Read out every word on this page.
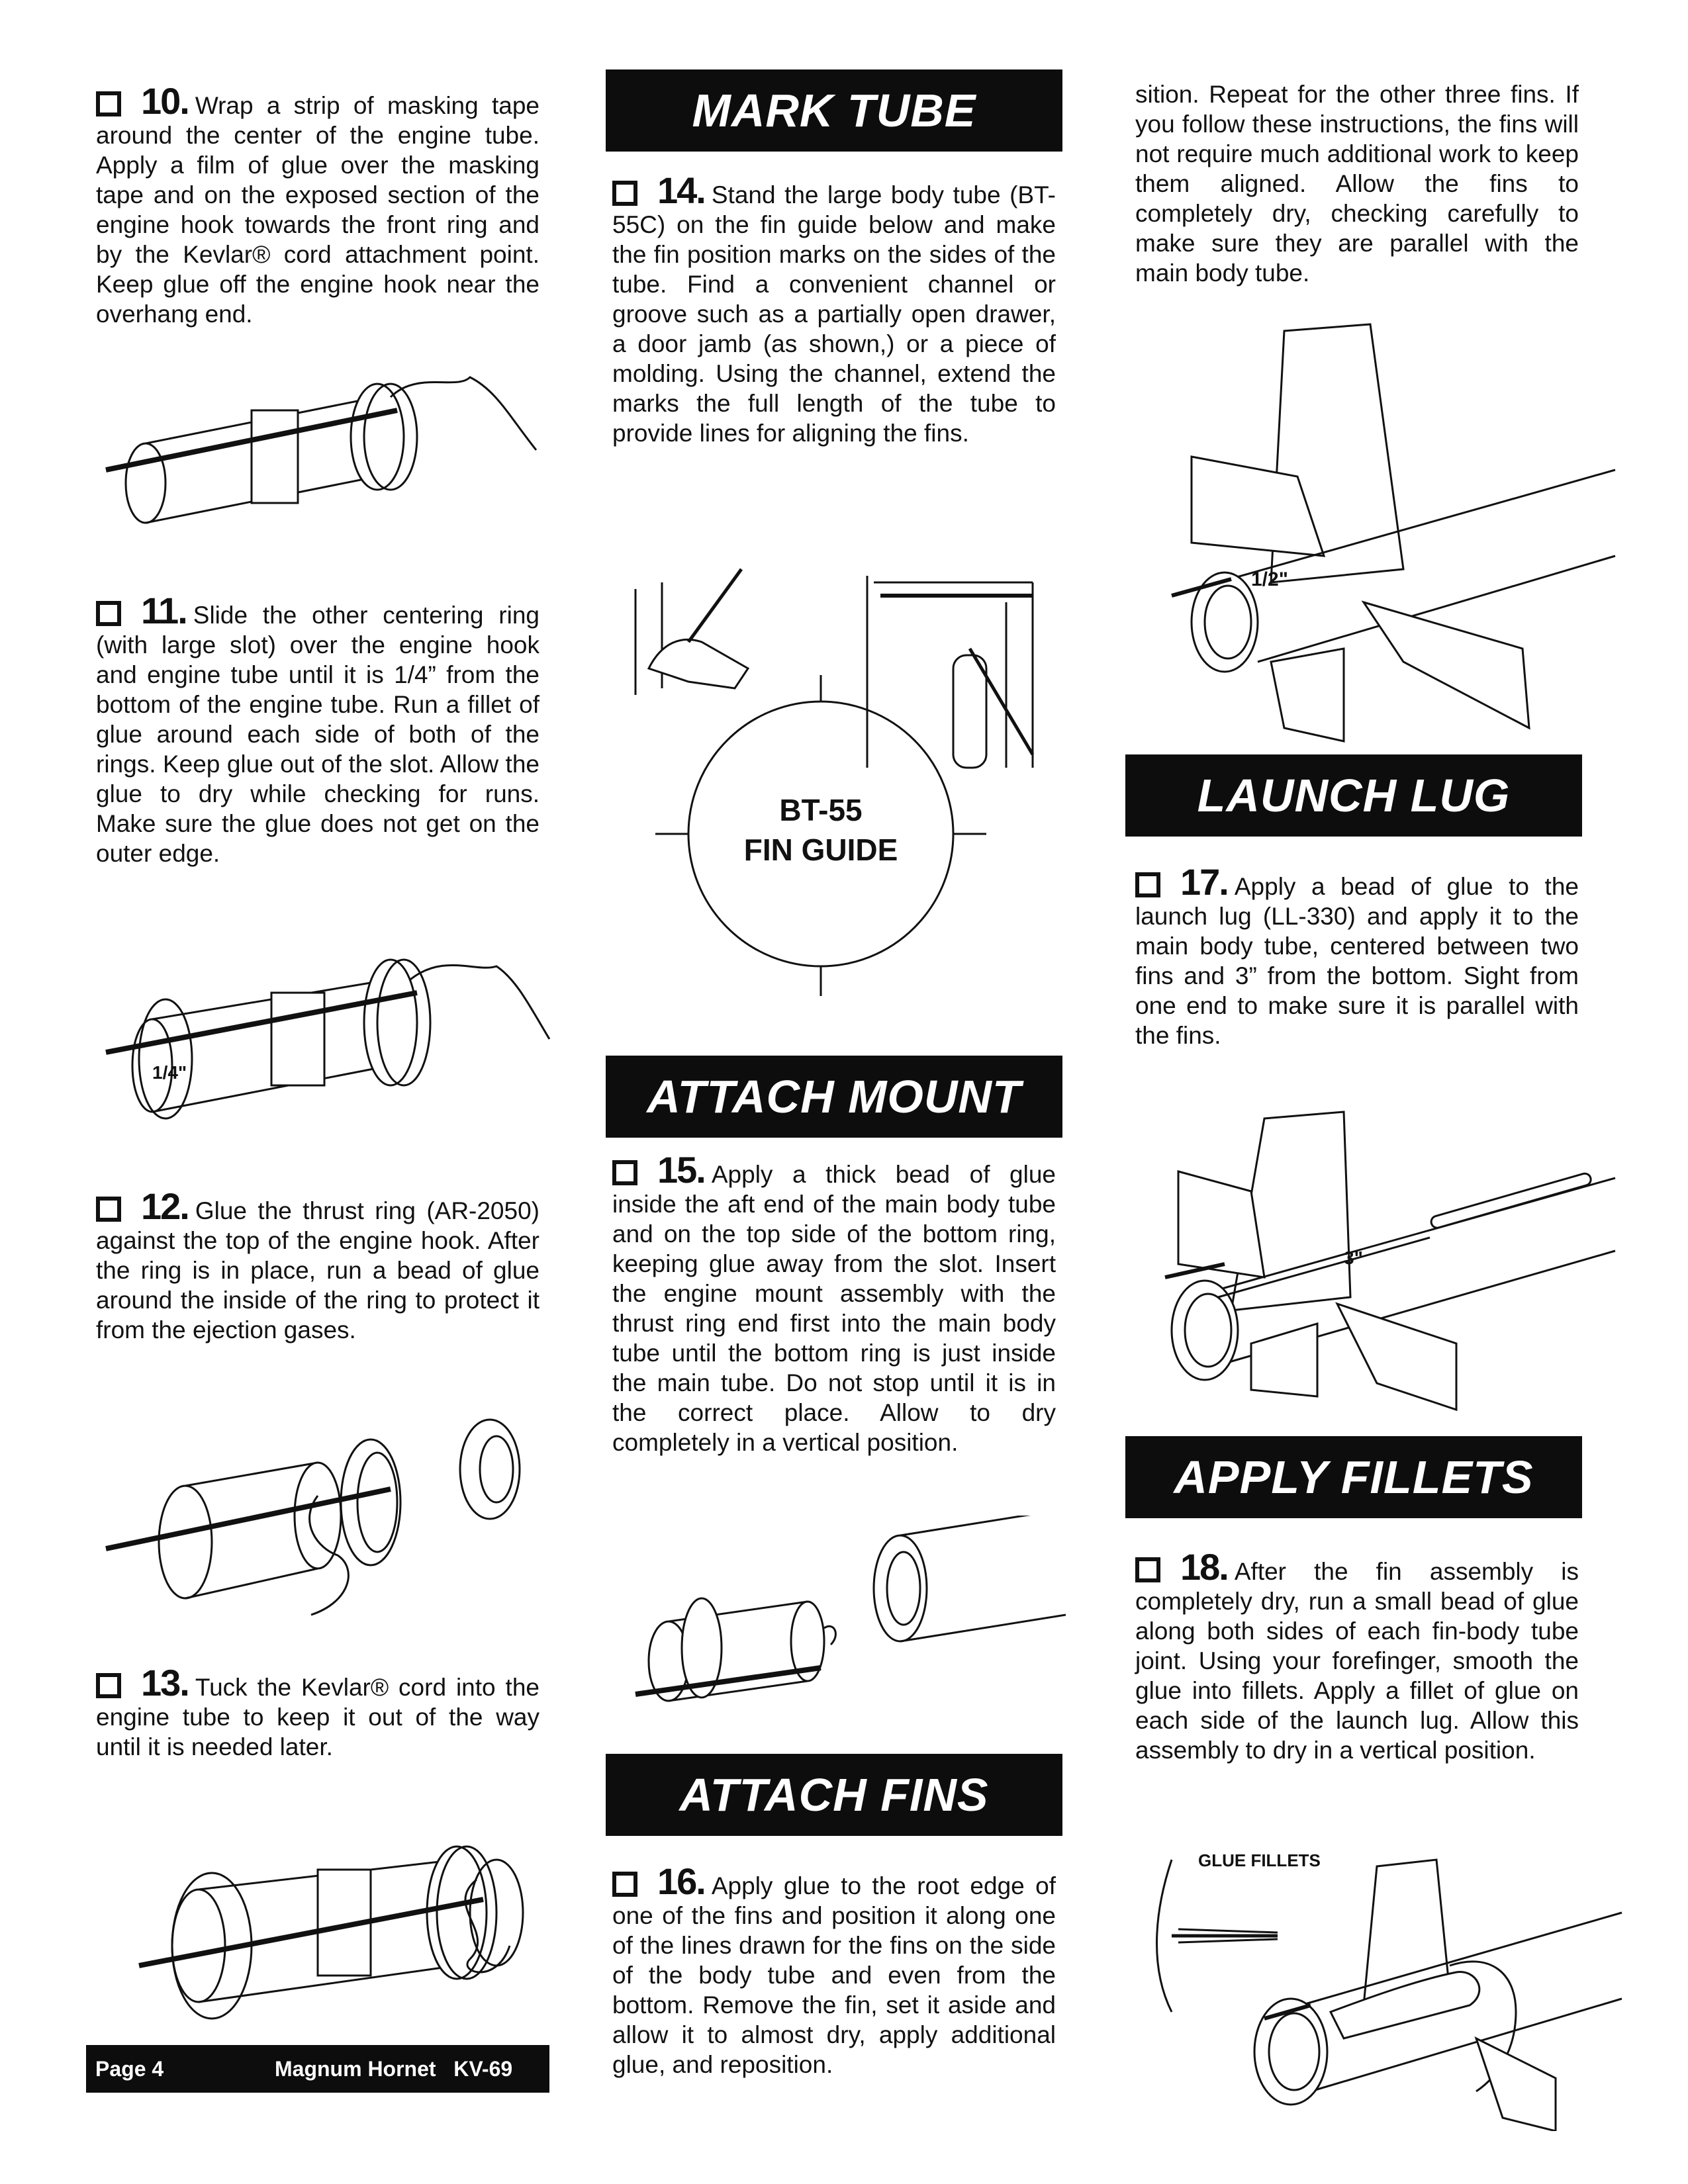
10. Wrap a strip of masking tape around the center of the engine tube. Apply a film of glue over the masking tape and on the exposed section of the engine hook towards the front ring and by the Kevlar® cord attachment point. Keep glue off the engine hook near the overhang end.
11. Slide the other centering ring (with large slot) over the engine hook and engine tube until it is 1/4” from the bottom of the engine tube. Run a fillet of glue around each side of both of the rings. Keep glue out of the slot. Allow the glue to dry while checking for runs. Make sure the glue does not get on the outer edge.
1/4"
12. Glue the thrust ring (AR-2050) against the top of the engine hook. After the ring is in place, run a bead of glue around the inside of the ring to protect it from the ejection gases.
13. Tuck the Kevlar® cord into the engine tube to keep it out of the way until it is needed later.
MARK TUBE
14. Stand the large body tube (BT-55C) on the fin guide below and make the fin position marks on the sides of the tube. Find a convenient channel or groove such as a partially open drawer, a door jamb (as shown,) or a piece of molding. Using the channel, extend the marks the full length of the tube to provide lines for aligning the fins.
BT-55
FIN GUIDE
ATTACH MOUNT
15. Apply a thick bead of glue inside the aft end of the main body tube and on the top side of the bottom ring, keeping glue away from the slot. Insert the engine mount assembly with the thrust ring end first into the main body tube until the bottom ring is just inside the main tube. Do not stop until it is in the correct place. Allow to dry completely in a vertical position.
ATTACH FINS
16. Apply glue to the root edge of one of the fins and position it along one of the lines drawn for the fins on the side of the body tube and even from the bottom. Remove the fin, set it aside and allow it to almost dry, apply additional glue, and reposition.
sition. Repeat for the other three fins. If you follow these instructions, the fins will not require much additional work to keep them aligned. Allow the fins to completely dry, checking carefully to make sure they are parallel with the main body tube.
1/2"
LAUNCH LUG
17. Apply a bead of glue to the launch lug (LL-330) and apply it to the main body tube, centered between two fins and 3” from the bottom. Sight from one end to make sure it is parallel with the fins.
3"
APPLY FILLETS
18. After the fin assembly is completely dry, run a small bead of glue along both sides of each fin-body tube joint. Using your forefinger, smooth the glue into fillets. Apply a fillet of glue on each side of the launch lug. Allow this assembly to dry in a vertical position.
GLUE FILLETS
Page 4	Magnum Hornet   KV-69
